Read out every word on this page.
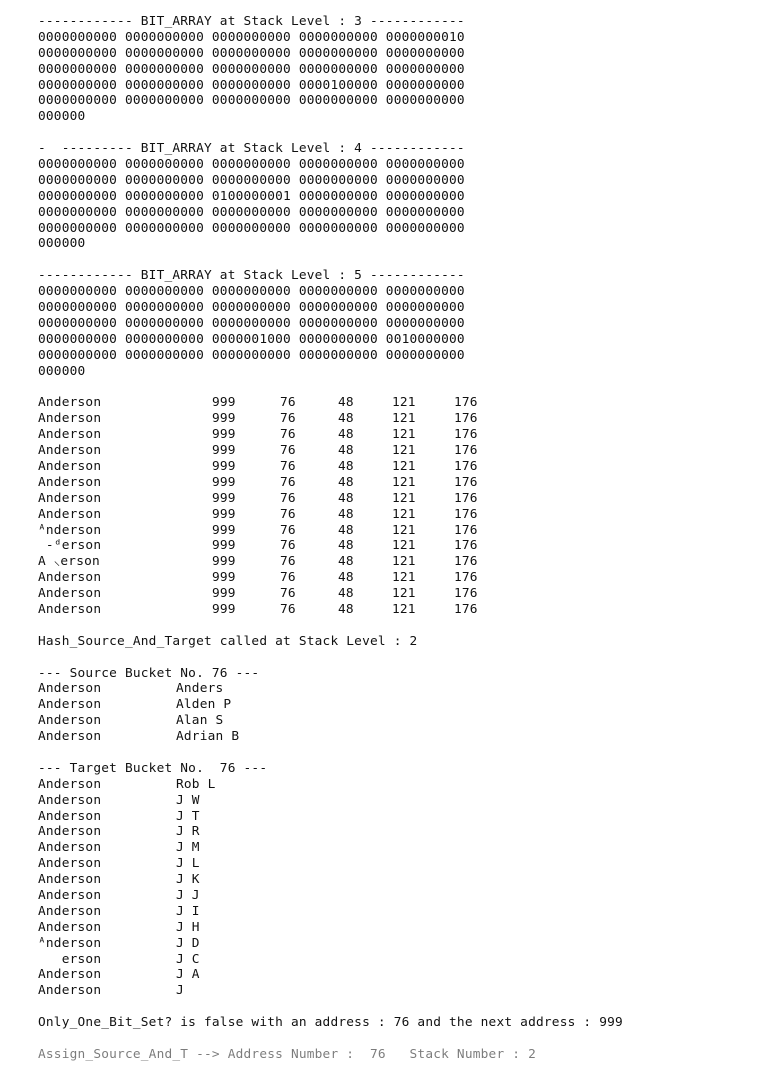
------------ BIT_ARRAY at Stack Level : 3 ------------
0000000000 0000000000 0000000000 0000000000 0000000010
0000000000 0000000000 0000000000 0000000000 0000000000
0000000000 0000000000 0000000000 0000000000 0000000000
0000000000 0000000000 0000000000 0000100000 0000000000
0000000000 0000000000 0000000000 0000000000 0000000000
000000
-  --------- BIT_ARRAY at Stack Level : 4 ------------
0000000000 0000000000 0000000000 0000000000 0000000000
0000000000 0000000000 0000000000 0000000000 0000000000
0000000000 0000000000 0100000001 0000000000 0000000000
0000000000 0000000000 0000000000 0000000000 0000000000
0000000000 0000000000 0000000000 0000000000 0000000000
000000
------------ BIT_ARRAY at Stack Level : 5 ------------
0000000000 0000000000 0000000000 0000000000 0000000000
0000000000 0000000000 0000000000 0000000000 0000000000
0000000000 0000000000 0000000000 0000000000 0000000000
0000000000 0000000000 0000001000 0000000000 0010000000
0000000000 0000000000 0000000000 0000000000 0000000000
000000
Anderson	999	76	48	121	176
Anderson	999	76	48	121	176
Anderson	999	76	48	121	176
Anderson	999	76	48	121	176
Anderson	999	76	48	121	176
Anderson	999	76	48	121	176
Anderson	999	76	48	121	176
Anderson	999	76	48	121	176
ᴬnderson	999	76	48	121	176
-ᵈerson	999	76	48	121	176
A ⸜erson	999	76	48	121	176
Anderson	999	76	48	121	176
Anderson	999	76	48	121	176
Anderson	999	76	48	121	176
Hash_Source_And_Target called at Stack Level : 2
--- Source Bucket No. 76 ---
Anderson	Anders
Anderson	Alden P
Anderson	Alan S
Anderson	Adrian B
--- Target Bucket No.  76 ---
Anderson	Rob L
Anderson	J W
Anderson	J T
Anderson	J R
Anderson	J M
Anderson	J L
Anderson	J K
Anderson	J J
Anderson	J I
Anderson	J H
ᴬnderson	J D
erson	J C
Anderson	J A
Anderson	J
Only_One_Bit_Set? is false with an address : 76 and the next address : 999
Assign_Source_And_T --> Address Number :  76   Stack Number : 2
